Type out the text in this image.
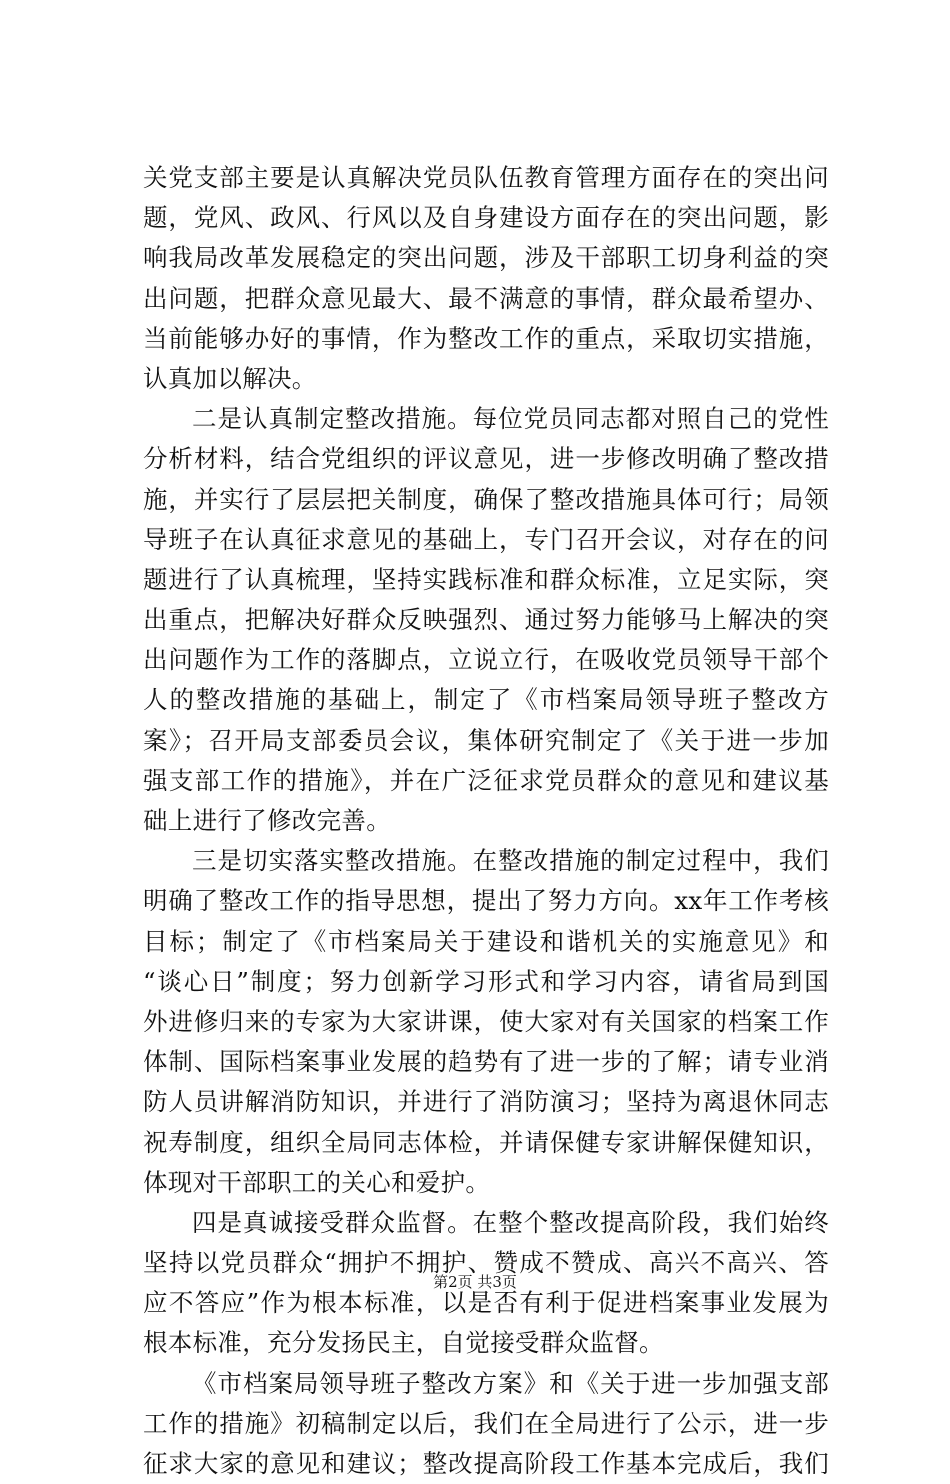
关党支部主要是认真解决党员队伍教育管理方面存在的突出问
题，党风、政风、行风以及自身建设方面存在的突出问题，影
响我局改革发展稳定的突出问题，涉及干部职工切身利益的突
出问题，把群众意见最大、最不满意的事情，群众最希望办、
当前能够办好的事情，作为整改工作的重点，采取切实措施，
认真加以解决。
二是认真制定整改措施。每位党员同志都对照自己的党性
分析材料，结合党组织的评议意见，进一步修改明确了整改措
施，并实行了层层把关制度，确保了整改措施具体可行；局领
导班子在认真征求意见的基础上，专门召开会议，对存在的问
题进行了认真梳理，坚持实践标准和群众标准，立足实际，突
出重点，把解决好群众反映强烈、通过努力能够马上解决的突
出问题作为工作的落脚点，立说立行，在吸收党员领导干部个
人的整改措施的基础上，制定了《市档案局领导班子整改方
案》；召开局支部委员会议，集体研究制定了《关于进一步加
强支部工作的措施》，并在广泛征求党员群众的意见和建议基
础上进行了修改完善。
三是切实落实整改措施。在整改措施的制定过程中，我们
明确了整改工作的指导思想，提出了努力方向。xx年工作考核
目标；制定了《市档案局关于建设和谐机关的实施意见》和
“谈心日”制度；努力创新学习形式和学习内容，请省局到国
外进修归来的专家为大家讲课，使大家对有关国家的档案工作
体制、国际档案事业发展的趋势有了进一步的了解；请专业消
防人员讲解消防知识，并进行了消防演习；坚持为离退休同志
祝寿制度，组织全局同志体检，并请保健专家讲解保健知识，
体现对干部职工的关心和爱护。
四是真诚接受群众监督。在整个整改提高阶段，我们始终
坚持以党员群众“拥护不拥护、赞成不赞成、高兴不高兴、答
应不答应”作为根本标准，以是否有利于促进档案事业发展为
根本标准，充分发扬民主，自觉接受群众监督。
《市档案局领导班子整改方案》和《关于进一步加强支部
工作的措施》初稿制定以后，我们在全局进行了公示，进一步
征求大家的意见和建议；整改提高阶段工作基本完成后，我们
第2页 共3页
